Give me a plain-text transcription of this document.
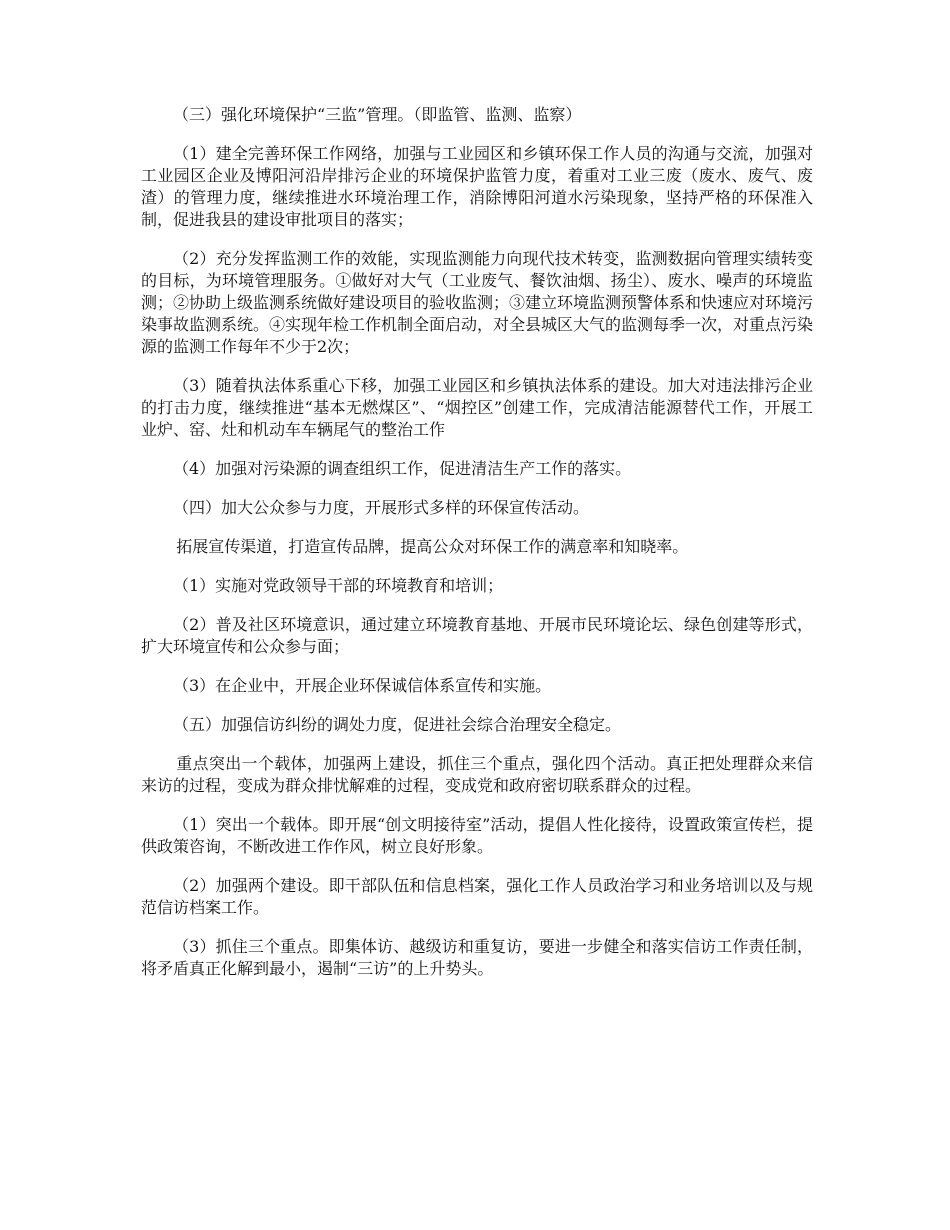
（三）强化环境保护“三监”管理。（即监管、监测、监察）

（1）建全完善环保工作网络，加强与工业园区和乡镇环保工作人员的沟通与交流，加强对工业园区企业及博阳河沿岸排污企业的环境保护监管力度，着重对工业三废（废水、废气、废渣）的管理力度，继续推进水环境治理工作，消除博阳河道水污染现象，坚持严格的环保准入制，促进我县的建设审批项目的落实；

（2）充分发挥监测工作的效能，实现监测能力向现代技术转变，监测数据向管理实绩转变的目标，为环境管理服务。①做好对大气（工业废气、餐饮油烟、扬尘）、废水、噪声的环境监测；②协助上级监测系统做好建设项目的验收监测；③建立环境监测预警体系和快速应对环境污染事故监测系统。④实现年检工作机制全面启动，对全县城区大气的监测每季一次，对重点污染源的监测工作每年不少于2次；

（3）随着执法体系重心下移，加强工业园区和乡镇执法体系的建设。加大对违法排污企业的打击力度，继续推进“基本无燃煤区”、“烟控区”创建工作，完成清洁能源替代工作，开展工业炉、窑、灶和机动车车辆尾气的整治工作

（4）加强对污染源的调查组织工作，促进清洁生产工作的落实。

（四）加大公众参与力度，开展形式多样的环保宣传活动。

拓展宣传渠道，打造宣传品牌，提高公众对环保工作的满意率和知晓率。

（1）实施对党政领导干部的环境教育和培训；

（2）普及社区环境意识，通过建立环境教育基地、开展市民环境论坛、绿色创建等形式，扩大环境宣传和公众参与面；

（3）在企业中，开展企业环保诚信体系宣传和实施。

（五）加强信访纠纷的调处力度，促进社会综合治理安全稳定。

重点突出一个载体，加强两上建设，抓住三个重点，强化四个活动。真正把处理群众来信来访的过程，变成为群众排忧解难的过程，变成党和政府密切联系群众的过程。

（1）突出一个载体。即开展“创文明接待室”活动，提倡人性化接待，设置政策宣传栏，提供政策咨询，不断改进工作作风，树立良好形象。

（2）加强两个建设。即干部队伍和信息档案，强化工作人员政治学习和业务培训以及与规范信访档案工作。

（3）抓住三个重点。即集体访、越级访和重复访，要进一步健全和落实信访工作责任制，将矛盾真正化解到最小，遏制“三访”的上升势头。
